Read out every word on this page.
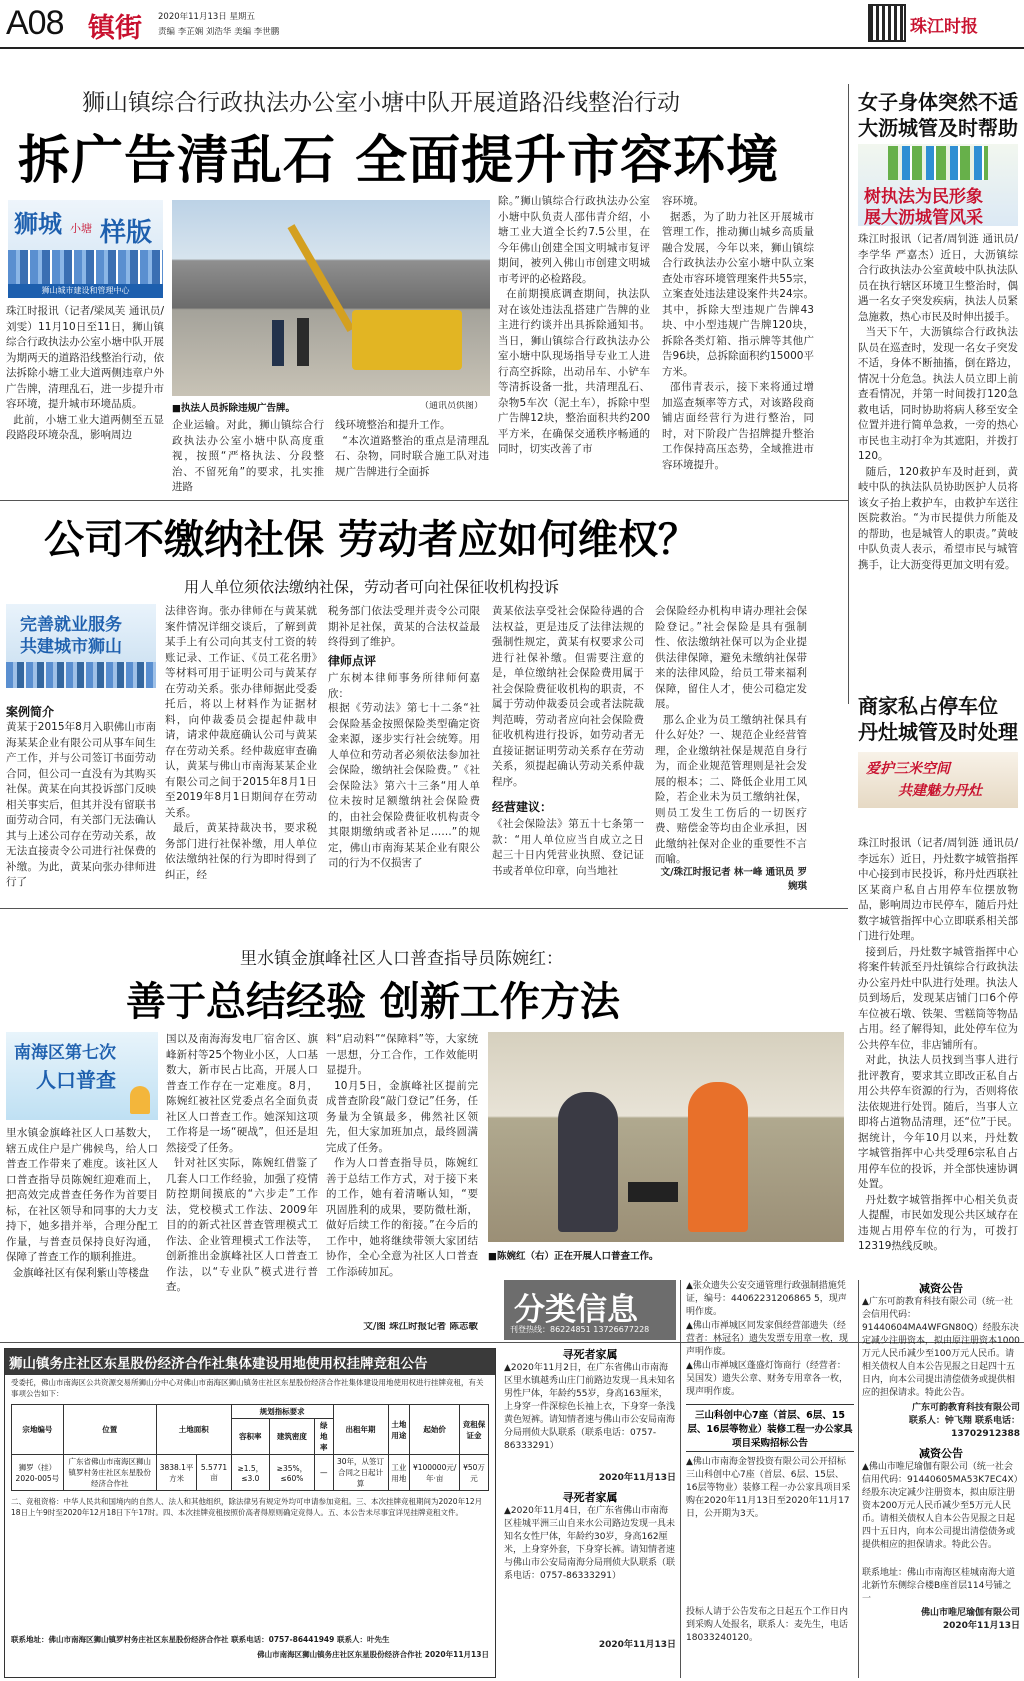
A08 镇街 2020年11月13日 星期五
责编 李芷娴 刘浩华 美编 李世鹏	珠江时报
狮山镇综合行政执法办公室小塘中队开展道路沿线整治行动
拆广告清乱石 全面提升市容环境
狮城 小塘 样版
狮山城市建设和管理中心
珠江时报讯（记者/梁凤芙 通讯员/刘雯）11月10日至11日，狮山镇综合行政执法办公室小塘中队开展为期两天的道路沿线整治行动，依法拆除小塘工业大道两侧违章户外广告牌，清理乱石，进一步提升市容环境，提升城市环境品质。
此前，小塘工业大道两侧至五显段路段环境杂乱，影响周边
■执法人员拆除违规广告牌。	（通讯员供图）
企业运输。对此，狮山镇综合行政执法办公室小塘中队高度重视，按照“严格执法、分段整治、不留死角”的要求，扎实推进路
线环境整治和提升工作。
“本次道路整治的重点是清理乱石、杂物，同时联合施工队对违规广告牌进行全面拆
除。”狮山镇综合行政执法办公室小塘中队负责人邵伟青介绍，小塘工业大道全长约7.5公里，在今年佛山创建全国文明城市复评期间，被列入佛山市创建文明城市考评的必检路段。
在前期摸底调查期间，执法队对在该处违法乱搭建广告牌的业主进行约谈并出具拆除通知书。当日，狮山镇综合行政执法办公室小塘中队现场指导专业工人进行高空拆除，出动吊车、小铲车等清拆设备一批，共清理乱石、杂物5车次（泥土车），拆除中型广告牌12块，整治面积共约200平方米，在确保交通秩序畅通的同时，切实改善了市
容环境。
据悉，为了助力社区开展城市管理工作，推动狮山城乡高质量融合发展，今年以来，狮山镇综合行政执法办公室小塘中队立案查处市容环境管理案件共55宗，立案查处违法建设案件共24宗。其中，拆除大型违规广告牌43块、中小型违规广告牌120块，拆除各类灯箱、指示牌等其他广告96块，总拆除面积约15000平方米。
邵伟青表示，接下来将通过增加巡查频率等方式，对该路段商铺店面经营行为进行整治，同时，对下阶段广告招牌提升整治工作保持高压态势，全域推进市容环境提升。
女子身体突然不适
大沥城管及时帮助
树执法为民形象
展大沥城管风采
珠江时报讯（记者/周钊涟 通讯员/李学华 严嘉杰）近日，大沥镇综合行政执法办公室黄岐中队执法队员在执行辖区环境卫生整治时，偶遇一名女子突发疾病，执法人员紧急施救，热心市民及时伸出援手。
当天下午，大沥镇综合行政执法队员在巡查时，发现一名女子突发不适，身体不断抽搐，倒在路边，情况十分危急。执法人员立即上前查看情况，并第一时间拨打120急救电话，同时协助将病人移至安全位置并进行简单急救，一旁的热心市民也主动打伞为其遮阳，并拨打120。
随后，120救护车及时赶到，黄岐中队的执法队员协助医护人员将该女子抬上救护车，由救护车送往医院救治。“为市民提供力所能及的帮助，也是城管人的职责。”黄岐中队负责人表示，希望市民与城管携手，让大沥变得更加文明有爱。
公司不缴纳社保 劳动者应如何维权？
用人单位须依法缴纳社保，劳动者可向社保征收机构投诉
完善就业服务
共建城市狮山
案例简介
黄某于2015年8月入职佛山市南海某某企业有限公司从事车间生产工作，并与公司签订书面劳动合同，但公司一直没有为其购买社保。黄某在向其投诉部门反映相关事实后，但其并没有留联书面劳动合同，有关部门无法确认其与上述公司存在劳动关系，故无法直接责令公司进行社保费的补缴。为此，黄某向张办律师进行了
法律咨询。张办律师在与黄某就案件情况详细交谈后，了解到黄某手上有公司向其支付工资的转账记录、工作证、《员工花名册》等材料可用于证明公司与黄某存在劳动关系。张办律师据此受委托后，将以上材料作为证据材料，向仲裁委员会提起仲裁申请，请求仲裁庭确认公司与黄某存在劳动关系。经仲裁庭审查确认，黄某与佛山市南海某某企业有限公司之间于2015年8月1日至2019年8月1日期间存在劳动关系。
最后，黄某持裁决书，要求税务部门进行社保补缴，用人单位依法缴纳社保的行为即时得到了纠正，经
税务部门依法受理并责令公司限期补足社保，黄某的合法权益最终得到了维护。
律师点评
广东树本律师事务所律师何嘉欣：
根据《劳动法》第七十二条“社会保险基金按照保险类型确定资金来源，逐步实行社会统筹。用人单位和劳动者必须依法参加社会保险，缴纳社会保险费。”《社会保险法》第六十三条“用人单位未按时足额缴纳社会保险费的，由社会保险费征收机构责令其限期缴纳或者补足……”的规定，佛山市南海某某企业有限公司的行为不仅损害了
黄某依法享受社会保险待遇的合法权益，更是违反了法律法规的强制性规定，黄某有权要求公司进行社保补缴。但需要注意的是，单位缴纳社会保险费用属于社会保险费征收机构的职责，不属于劳动仲裁委员会或者法院裁判范畴，劳动者应向社会保险费征收机构进行投诉，如劳动者无直接证据证明劳动关系存在劳动关系，须提起确认劳动关系仲裁程序。
经营建议：
《社会保险法》第五十七条第一款：“用人单位应当自成立之日起三十日内凭营业执照、登记证书或者单位印章，向当地社
会保险经办机构申请办理社会保险登记。”社会保险是具有强制性、依法缴纳社保可以为企业提供法律保障，避免未缴纳社保带来的法律风险，给员工带来福利保障，留住人才，使公司稳定发展。
那么企业为员工缴纳社保具有什么好处？一、规范企业经营管理，企业缴纳社保是规范自身行为，而企业规范管理则是社会发展的根本；二、降低企业用工风险，若企业未为员工缴纳社保，则员工发生工伤后的一切医疗费、赔偿金等均由企业承担，因此缴纳社保对企业的重要性不言而喻。
文/珠江时报记者 林一峰 通讯员 罗婉琪
商家私占停车位
丹灶城管及时处理
爱护三米空间
共建魅力丹灶
珠江时报讯（记者/周钊涟 通讯员/李远东）近日，丹灶数字城管指挥中心接到市民投诉，称丹灶西联社区某商户私自占用停车位摆放物品，影响周边市民停车，随后丹灶数字城管指挥中心立即联系相关部门进行处理。
接到后，丹灶数字城管指挥中心将案件转派至丹灶镇综合行政执法办公室丹灶中队进行处理。执法人员到场后，发现某店铺门口6个停车位被石墩、铁架、雪糕筒等物品占用。经了解得知，此处停车位为公共停车位，非店铺所有。
对此，执法人员找到当事人进行批评教育，要求其立即改正私自占用公共停车资源的行为，否则将依法依规进行处罚。随后，当事人立即将占道物品清理，还“位”于民。据统计，今年10月以来，丹灶数字城管指挥中心共受理6宗私自占用停车位的投诉，并全部快速协调处置。
丹灶数字城管指挥中心相关负责人提醒，市民如发现公共区域存在违规占用停车位的行为，可拨打12319热线反映。
里水镇金旗峰社区人口普查指导员陈婉红：
善于总结经验 创新工作方法
南海区第七次
人口普查
里水镇金旗峰社区人口基数大，辖五成住户是广佛候鸟，给人口普查工作带来了难度。该社区人口普查指导员陈婉红迎难而上，把高效完成普查任务作为首要目标，在社区领导和同事的大力支持下，她多措并举，合理分配工作量，与普查员保持良好沟通，保障了普查工作的顺利推进。
金旗峰社区有保利紫山等楼盘
国以及南海海发电厂宿舍区、旗峰新村等25个物业小区，人口基数大，新市民占比高，开展人口普查工作存在一定难度。8月，陈婉红被社区党委点名全面负责社区人口普查工作。她深知这项工作将是一场“硬战”，但还是坦然接受了任务。
针对社区实际，陈婉红借鉴了几套人口工作经验，加强了疫情防控期间摸底的“六步走”工作法，党校模式工作法、2009年目的的新式社区普查管理模式工作法、企业管理模式工作法等，创新推出金旗峰社区人口普查工作法，以“专业队”模式进行普查。
料“启动料”“保障料”等，大家统一思想，分工合作，工作效能明显提升。
10月5日，金旗峰社区提前完成普查阶段“敲门登记”任务，任务量为全镇最多，佛然社区领先，但大家加班加点，最终圆满完成了任务。
作为人口普查指导员，陈婉红善于总结工作方式，对于接下来的工作，她有着清晰认知，“要巩固胜利的成果，要防微杜渐，做好后续工作的衔接。”在今后的工作中，她将继续带领大家团结协作，全心全意为社区人口普查工作添砖加瓦。
文/图 珠江时报记者 陈志敏
■陈婉红（右）正在开展人口普查工作。
狮山镇务庄社区东星股份经济合作社集体建设用地使用权挂牌竞租公告
受委托，佛山市南海区公共资源交易所狮山分中心对佛山市南海区狮山镇务庄社区东星股份经济合作社集体建设用地使用权进行挂牌竞租，有关事项公告如下：
宗地编号	位置	土地面积		规划指标要求			出租年期	土地用途	起始价	竞租保证金
				容积率	建筑密度	绿地率				
狮罗（挂）2020-005号	广东省佛山市南海区狮山镇罗村务庄社区东星股份经济合作社	3838.1平方米	5.5771亩	≥1.5，≤3.0	≥35%，≤60%	—	30年，从签订合同之日起计算	工业用地	¥100000元/年·亩	¥50万元
二、竞租资格：中华人民共和国境内的自然人、法人和其他组织，除法律另有规定外均可申请参加竞租。三、本次挂牌竞租期间为2020年12月18日上午9时至2020年12月18日下午17时。四、本次挂牌竞租按照价高者得原则确定竞得人。五、本公告未尽事宜详见挂牌竞租文件。
联系地址：佛山市南海区狮山镇罗村务庄社区东星股份经济合作社 联系电话：0757-86441949 联系人：叶先生
佛山市南海区狮山镇务庄社区东星股份经济合作社 2020年11月13日
分类信息
刊登热线：86224851 13726677228
寻死者家属
▲2020年11月2日，在广东省佛山市南海区里水镇越秀山庄门前路边发现一具未知名男性尸体，年龄约55岁，身高163厘米，上身穿一件深棕色长袖上衣，下身穿一条浅黄色短裤。请知情者速与佛山市公安局南海分局刑侦大队联系（联系电话：0757-86333291）
2020年11月13日
寻死者家属
▲2020年11月4日，在广东省佛山市南海区桂城平洲三山自来水公司路边发现一具未知名女性尸体，年龄约30岁，身高162厘米，上身穿外套，下身穿长裤。请知情者速与佛山市公安局南海分局刑侦大队联系（联系电话：0757-86333291）
2020年11月13日
▲张众遗失公安交通管理行政强制措施凭证，编号：44062231206865 5，现声明作废。
▲佛山市禅城区同发家俱经营部遗失（经营者：林冠名）遗失发票专用章一枚，现声明作废。
▲佛山市禅城区蓬盛灯饰商行（经营者：吴国发）遗失公章、财务专用章各一枚，现声明作废。
三山科创中心7座（首层、6层、15层、16层等物业）装修工程一办公家具项目采购招标公告
▲佛山市南海金智投资有限公司公开招标三山科创中心7座（首层、6层、15层、16层等物业）装修工程一办公家具项目采购在2020年11月13日至2020年11月17日，公开期为3天。
投标人请于公告发布之日起五个工作日内到采购人处报名，联系人：麦先生，电话18033240120。
减资公告
▲广东可韵教育科技有限公司（统一社会信用代码：91440604MA4WFGN80Q）经股东决定减少注册资本，拟由原注册资本1000万元人民币减少至100万元人民币。请相关债权人自本公告见报之日起四十五日内，向本公司提出清偿债务或提供相应的担保请求。特此公告。
广东可韵教育科技有限公司
联系人：钟飞翔 联系电话：13702912388
减资公告
▲佛山市唯尼瑜伽有限公司（统一社会信用代码：91440605MA53K7EC4X）经股东决定减少注册资本，拟由原注册资本200万元人民币减少至5万元人民币。请相关债权人自本公告见报之日起四十五日内，向本公司提出清偿债务或提供相应的担保请求。特此公告。
联系地址：佛山市南海区桂城南海大道北新竹东侧综合楼B座首层114号铺之一
佛山市唯尼瑜伽有限公司
2020年11月13日
